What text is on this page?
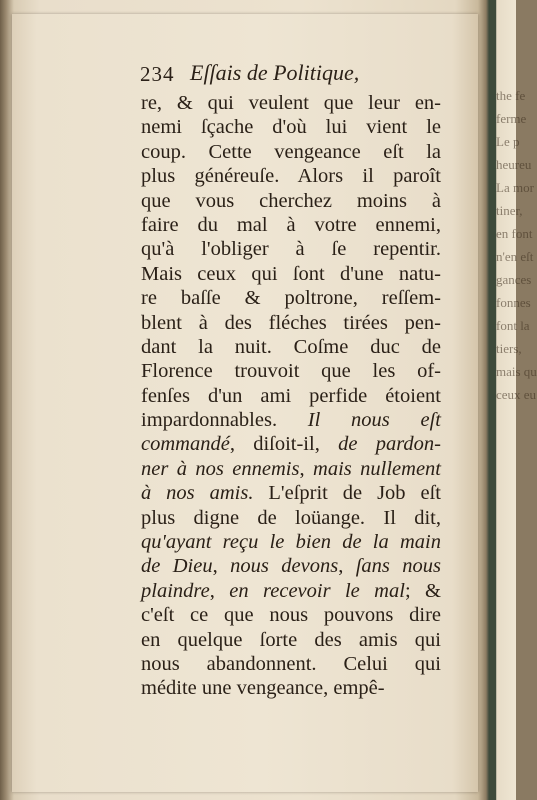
the fe
ferme
Le p
heureu
La mor
tiner,
en font
n'en eſt
gances
fonnes
font la
tiers,
mais qu
ceux eu
234 Eſſais de Politique,
re, & qui veulent que leur en-
nemi ſçache d'où lui vient le
coup. Cette vengeance eſt la
plus généreuſe. Alors il paroît
que vous cherchez moins à
faire du mal à votre ennemi,
qu'à l'obliger à ſe repentir.
Mais ceux qui ſont d'une natu-
re baſſe & poltrone, reſſem-
blent à des fléches tirées pen-
dant la nuit. Coſme duc de
Florence trouvoit que les of-
fenſes d'un ami perfide étoient
impardonnables. Il nous eſt
commandé, diſoit-il, de pardon-
ner à nos ennemis, mais nullement
à nos amis. L'eſprit de Job eſt
plus digne de loüange. Il dit,
qu'ayant reçu le bien de la main
de Dieu, nous devons, ſans nous
plaindre, en recevoir le mal; &
c'eſt ce que nous pouvons dire
en quelque ſorte des amis qui
nous abandonnent. Celui qui
médite une vengeance, empê-
